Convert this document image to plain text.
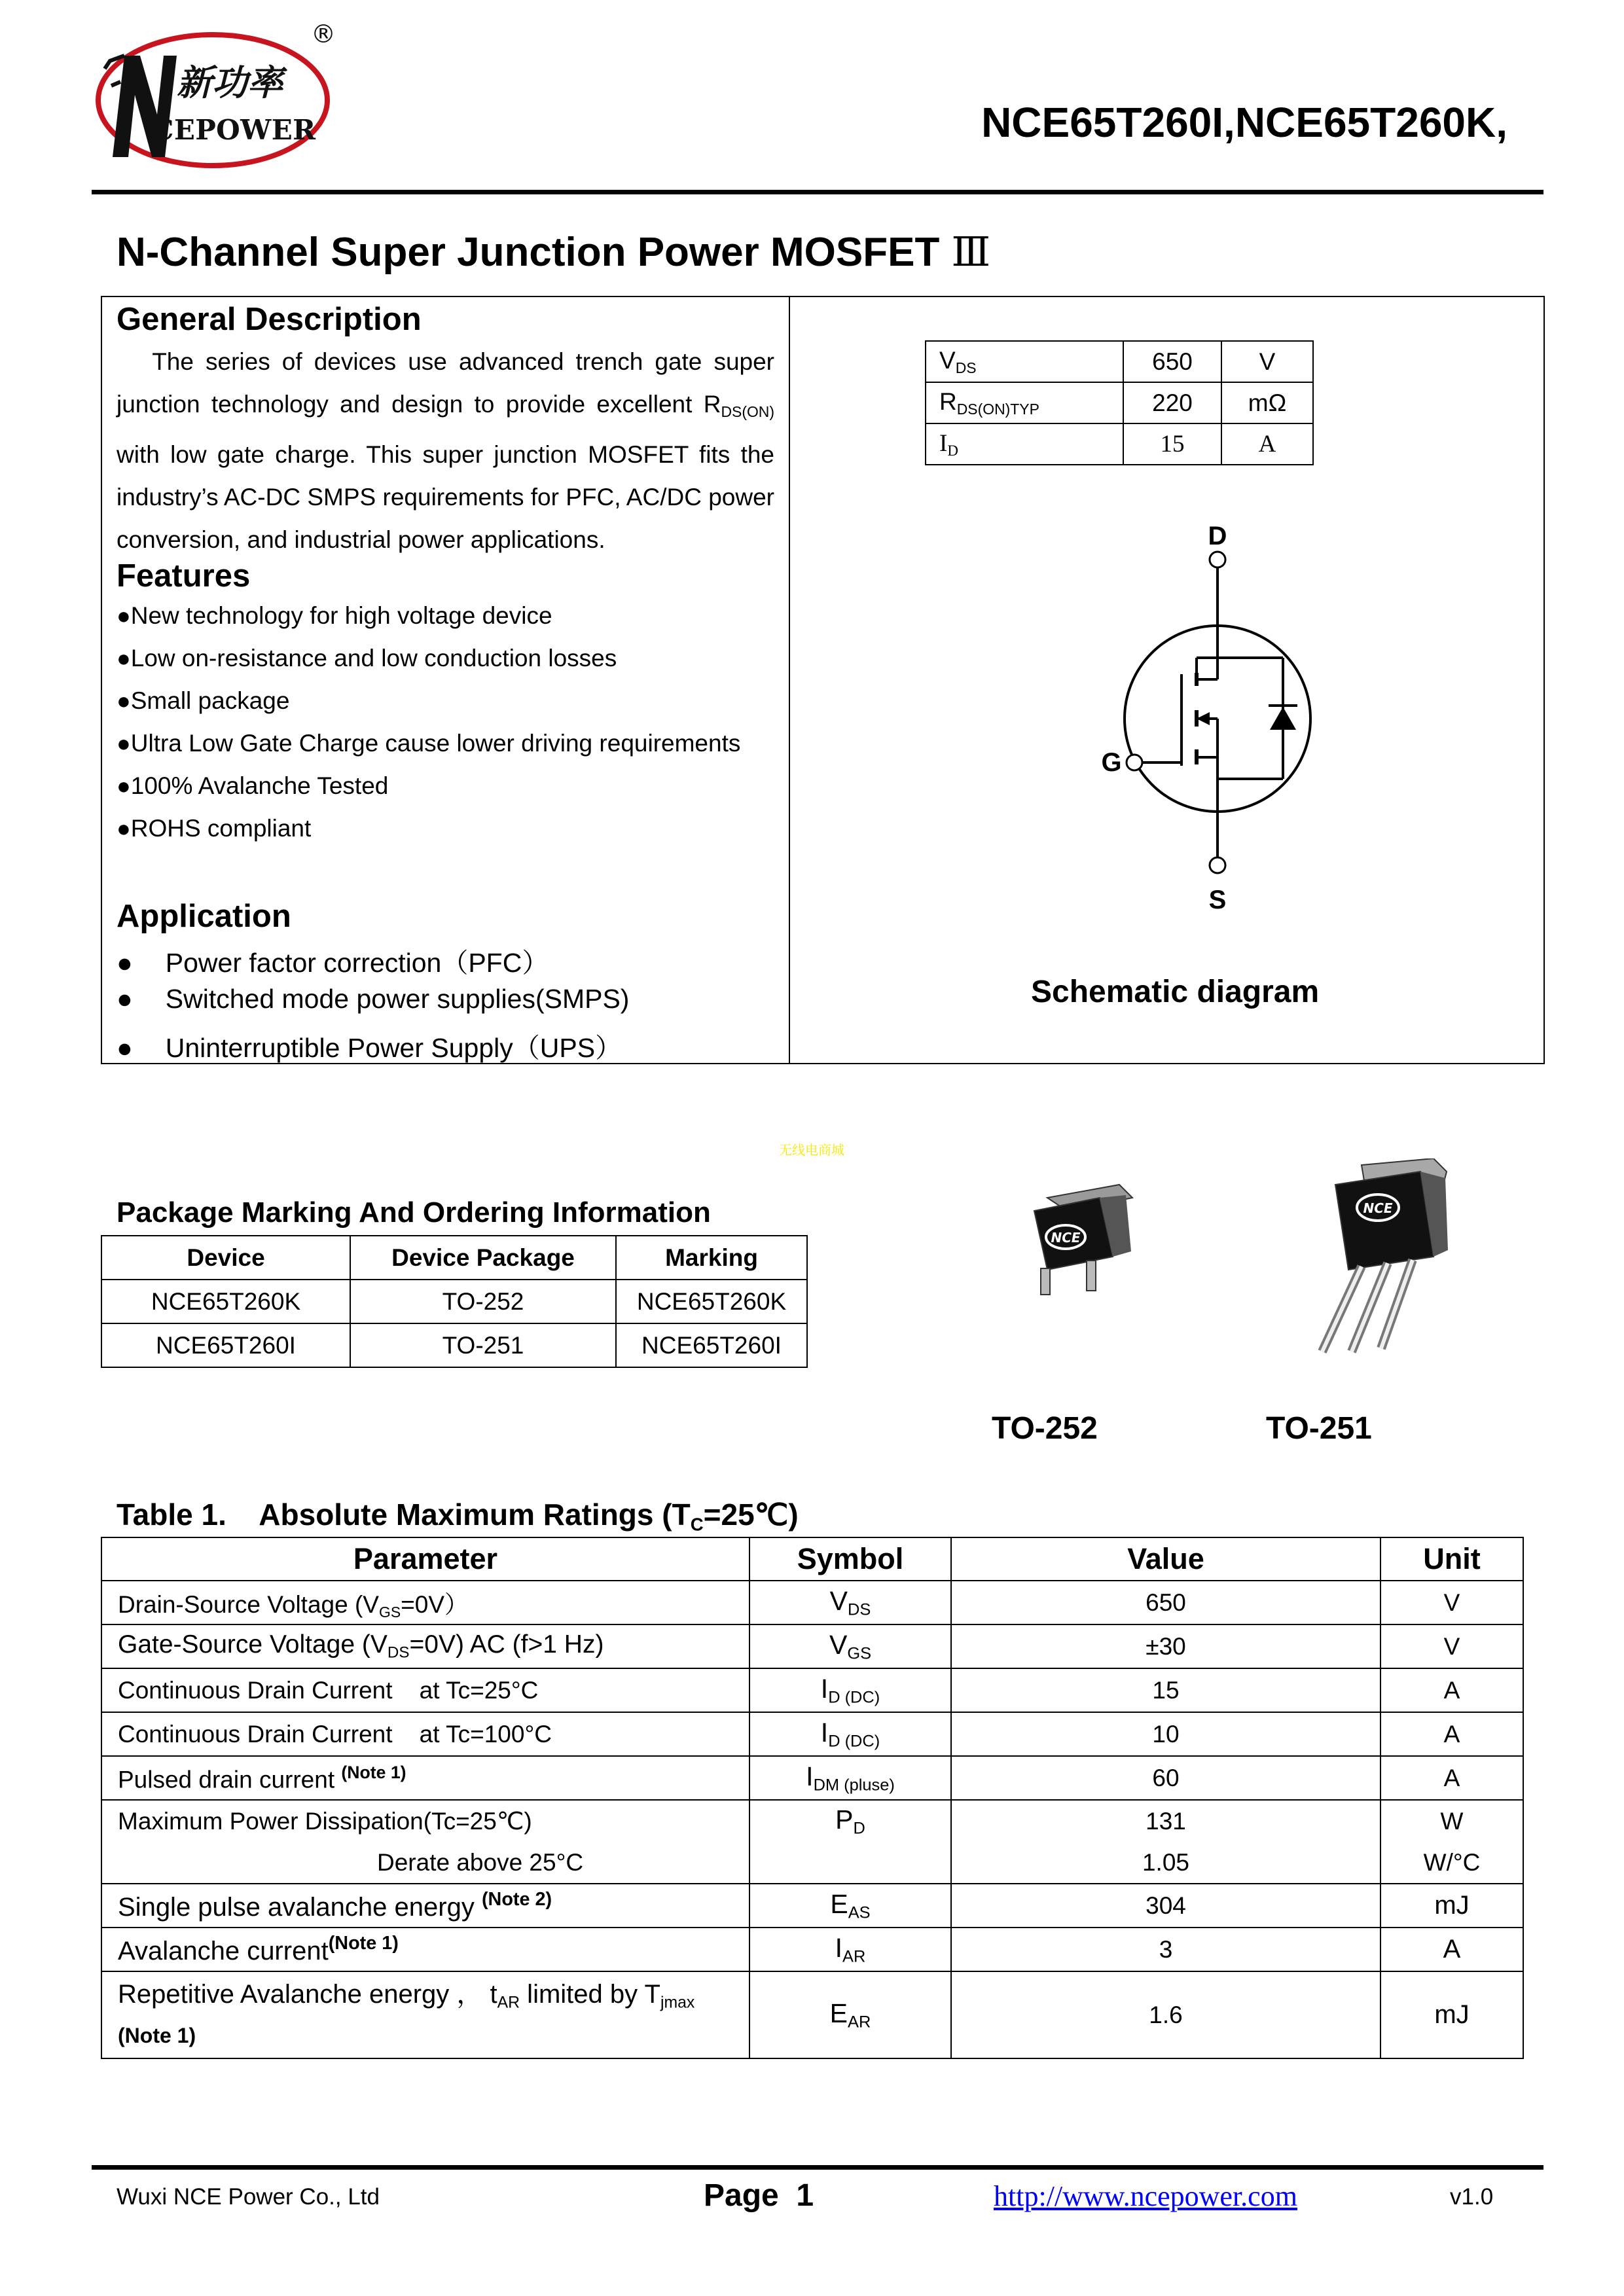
新功率
CEPOWER
®
NCE65T260I,NCE65T260K,
N-Channel Super Junction Power MOSFET Ⅲ
General Description
The series of devices use advanced trench gate super junction technology and design to provide excellent $R_{DS(ON)}$ with low gate charge. This super junction MOSFET fits the industry’s AC-DC SMPS requirements for PFC, AC/DC power conversion, and industrial power applications.
Features
●New technology for high voltage device
●Low on-resistance and low conduction losses
●Small package
●Ultra Low Gate Charge cause lower driving requirements
●100% Avalanche Tested
●ROHS compliant
Application
● Power factor correction（PFC）
● Switched mode power supplies(SMPS)
● Uninterruptible Power Supply（UPS）
$V_{DS}$	650	V
$R_{DS(ON)TYP}$	220	mΩ
$I_D$	15	A
D
G
S
Schematic diagram
无线电商城
Package Marking And Ordering Information
Device	Device Package	Marking
NCE65T260K	TO-252	NCE65T260K
NCE65T260I	TO-251	NCE65T260I
NCE
NCE
TO-252	TO-251
Table 1.    Absolute Maximum Ratings $(T_C=25℃)$
Parameter	Symbol	Value	Unit
Drain-Source Voltage $(V_{GS}=0V)$	$V_{DS}$	650	V
Gate-Source Voltage $(V_{DS}=0V)$ AC (f>1 Hz)	$V_{GS}$	±30	V
Continuous Drain Current    at Tc=25°C	$I_{D (DC)}$	15	A
Continuous Drain Current    at Tc=100°C	$I_{D (DC)}$	10	A
Pulsed drain current $^{(Note 1)}$	$I_{DM (pluse)}$	60	A
Maximum Power Dissipation(Tc=25℃)	$P_D$	131	W
Derate above 25°C		1.05	W/°C
Single pulse avalanche energy $^{(Note 2)}$	$E_{AS}$	304	mJ
Avalanche current$^{(Note 1)}$	$I_{AR}$	3	A
Repetitive Avalanche energy ， $t_{AR}$ limited by $T_{jmax}$
(Note 1)	$E_{AR}$	1.6	mJ
Wuxi NCE Power Co., Ltd	Page  1	http://www.ncepower.com	v1.0
